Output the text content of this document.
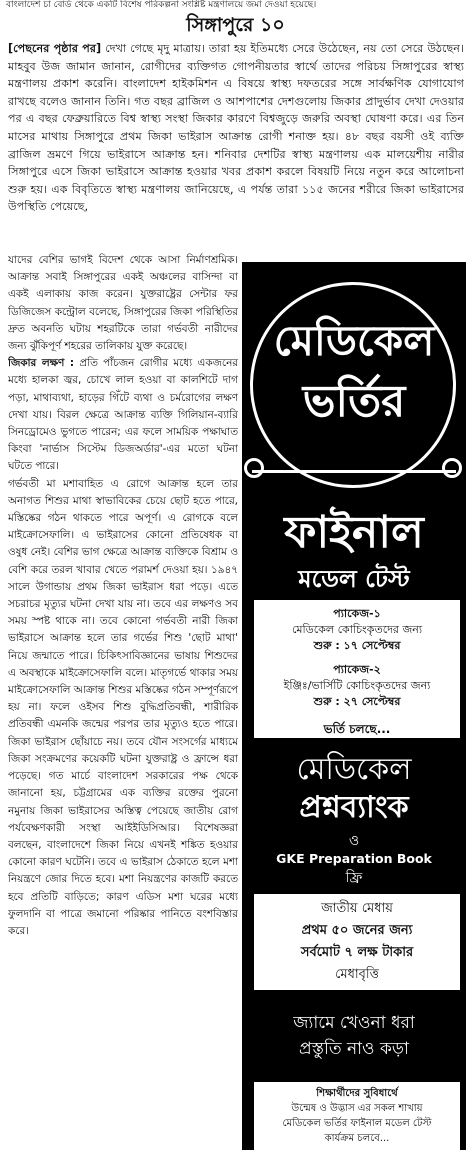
বাংলাদেশ চা বোর্ড থেকে একটি বিশেষ পরিকল্পনা সংশ্লিষ্ট মন্ত্রণালয়ে জমা দেওয়া হয়েছে।
সিঙ্গাপুরে ১০

[পেছনের পৃষ্ঠার পর] দেখা গেছে মৃদু মাত্রায়। তারা হয় ইতিমধ্যে সেরে উঠেছেন, নয় তো সেরে উঠছেন। মাহবুব উজ জামান জানান, রোগীদের ব্যক্তিগত গোপনীয়তার স্বার্থে তাদের পরিচয় সিঙ্গাপুরের স্বাস্থ্য মন্ত্রণালয় প্রকাশ করেনি। বাংলাদেশ হাইকমিশন এ বিষয়ে স্বাস্থ্য দফতরের সঙ্গে সার্বক্ষণিক যোগাযোগ রাখছে বলেও জানান তিনি। গত বছর ব্রাজিল ও আশপাশের দেশগুলোয় জিকার প্রাদুর্ভাব দেখা দেওয়ার পর এ বছর ফেব্রুয়ারিতে বিশ্ব স্বাস্থ্য সংস্থা জিকার কারণে বিশ্বজুড়ে জরুরি অবস্থা ঘোষণা করে। এর তিন মাসের মাথায় সিঙ্গাপুরে প্রথম জিকা ভাইরাস আক্রান্ত রোগী শনাক্ত হয়। ৪৮ বছর বয়সী ওই ব্যক্তি ব্রাজিল ভ্রমণে গিয়ে ভাইরাসে আক্রান্ত হন। শনিবার দেশটির স্বাস্থ্য মন্ত্রণালয় এক মালয়েশীয় নারীর সিঙ্গাপুরে এসে জিকা ভাইরাসে আক্রান্ত হওয়ার খবর প্রকাশ করলে বিষয়টি নিয়ে নতুন করে আলোচনা শুরু হয়। এক বিবৃতিতে স্বাস্থ্য মন্ত্রণালয় জানিয়েছে, এ পর্যন্ত তারা ১১৫ জনের শরীরে জিকা ভাইরাসের উপস্থিতি পেয়েছে,

যাদের বেশির ভাগই বিদেশ থেকে আসা নির্মাণশ্রমিক। আক্রান্ত সবাই সিঙ্গাপুরের একই অঞ্চলের বাসিন্দা বা একই এলাকায় কাজ করেন। যুক্তরাষ্ট্রের সেন্টার ফর ডিজিজেস কন্ট্রোল বলেছে, সিঙ্গাপুরের জিকা পরিস্থিতির দ্রুত অবনতি ঘটায় শহরটিকে তারা গর্ভবতী নারীদের জন্য ঝুঁকিপূর্ণ শহরের তালিকায় যুক্ত করেছে।

জিকার লক্ষণ : প্রতি পাঁচজন রোগীর মধ্যে একজনের মধ্যে হালকা জ্বর, চোখে লাল হওয়া বা কালশিটে দাগ পড়া, মাথাব্যথা, হাড়ের গিঁটে ব্যথা ও চর্মরোগের লক্ষণ দেখা যায়। বিরল ক্ষেত্রে আক্রান্ত ব্যক্তি গিলিয়ান-ব্যারি সিনড্রোমেও ভুগতে পারেন; এর ফলে সাময়িক পক্ষাঘাত কিংবা 'নার্ভাস সিস্টেম ডিজঅর্ডার'-এর মতো ঘটনা ঘটতে পারে।

গর্ভবতী মা মশাবাহিত এ রোগে আক্রান্ত হলে তার অনাগত শিশুর মাথা স্বাভাবিকের চেয়ে ছোট হতে পারে, মস্তিষ্কের গঠন থাকতে পারে অপূর্ণ। এ রোগকে বলে মাইক্রোসেফালি। এ ভাইরাসের কোনো প্রতিষেধক বা ওষুধ নেই। বেশির ভাগ ক্ষেত্রে আক্রান্ত ব্যক্তিকে বিশ্রাম ও বেশি করে তরল খাবার খেতে পরামর্শ দেওয়া হয়। ১৯৪৭ সালে উগান্ডায় প্রথম জিকা ভাইরাস ধরা পড়ে। এতে সচরাচর মৃত্যুর ঘটনা দেখা যায় না। তবে এর লক্ষণও সব সময় স্পষ্ট থাকে না। তবে কোনো গর্ভবতী নারী জিকা ভাইরাসে আক্রান্ত হলে তার গর্ভের শিশু 'ছোট মাথা' নিয়ে জন্মাতে পারে। চিকিৎসাবিজ্ঞানের ভাষায় শিশুদের এ অবস্থাকে মাইক্রোসেফালি বলে। মাতৃগর্ভে থাকার সময় মাইক্রোসেফালি আক্রান্ত শিশুর মস্তিষ্কের গঠন সম্পূর্ণরূপে হয় না। ফলে ওইসব শিশু বুদ্ধিপ্রতিবন্ধী, শারীরিক প্রতিবন্ধী এমনকি জন্মের পরপর তার মৃত্যুও হতে পারে। জিকা ভাইরাস ছোঁয়াচে নয়। তবে যৌন সংসর্গের মাধ্যমে জিকা সংক্রমণের কয়েকটি ঘটনা যুক্তরাষ্ট্র ও ফ্রান্সে ধরা পড়েছে। গত মার্চে বাংলাদেশ সরকারের পক্ষ থেকে জানানো হয়, চট্টগ্রামের এক ব্যক্তির রক্তের পুরনো নমুনায় জিকা ভাইরাসের অস্তিত্ব পেয়েছে জাতীয় রোগ পর্যবেক্ষণকারী সংস্থা আইইডিসিআর। বিশেষজ্ঞরা বলছেন, বাংলাদেশে জিকা নিয়ে এখনই শঙ্কিত হওয়ার কোনো কারণ ঘটেনি। তবে এ ভাইরাস ঠেকাতে হলে মশা নিয়ন্ত্রণে জোর দিতে হবে। মশা নিয়ন্ত্রণের কাজটি করতে হবে প্রতিটি বাড়িতে; কারণ এডিস মশা ঘরের মধ্যে ফুলদানি বা পাত্রে জমানো পরিষ্কার পানিতে বংশবিস্তার করে।

মেডিকেল
ভর্তির
ফাইনাল
মডেল টেস্ট
প্যাকেজ-১
মেডিকেল কোচিংকৃতদের জন্য
শুরু : ১৭ সেপ্টেম্বর
প্যাকেজ-২
ইঞ্জিঃ/ভার্সিটি কোচিংকৃতদের জন্য
শুরু : ২৭ সেপ্টেম্বর
ভর্তি চলছে...
মেডিকেল
প্রশ্নব্যাংক
ও
GKE Preparation Book
ফ্রি
জাতীয় মেধায়
প্রথম ৫০ জনের জন্য
সর্বমোট ৭ লক্ষ টাকার
মেধাবৃত্তি
জ্যামে খেওনা ধরা
প্রস্তুতি নাও কড়া
শিক্ষার্থীদের সুবিধার্থে
উন্মেষ ও উদ্ভাস এর সকল শাখায়
মেডিকেল ভর্তির ফাইনাল মডেল টেস্ট
কার্যক্রম চলবে...
